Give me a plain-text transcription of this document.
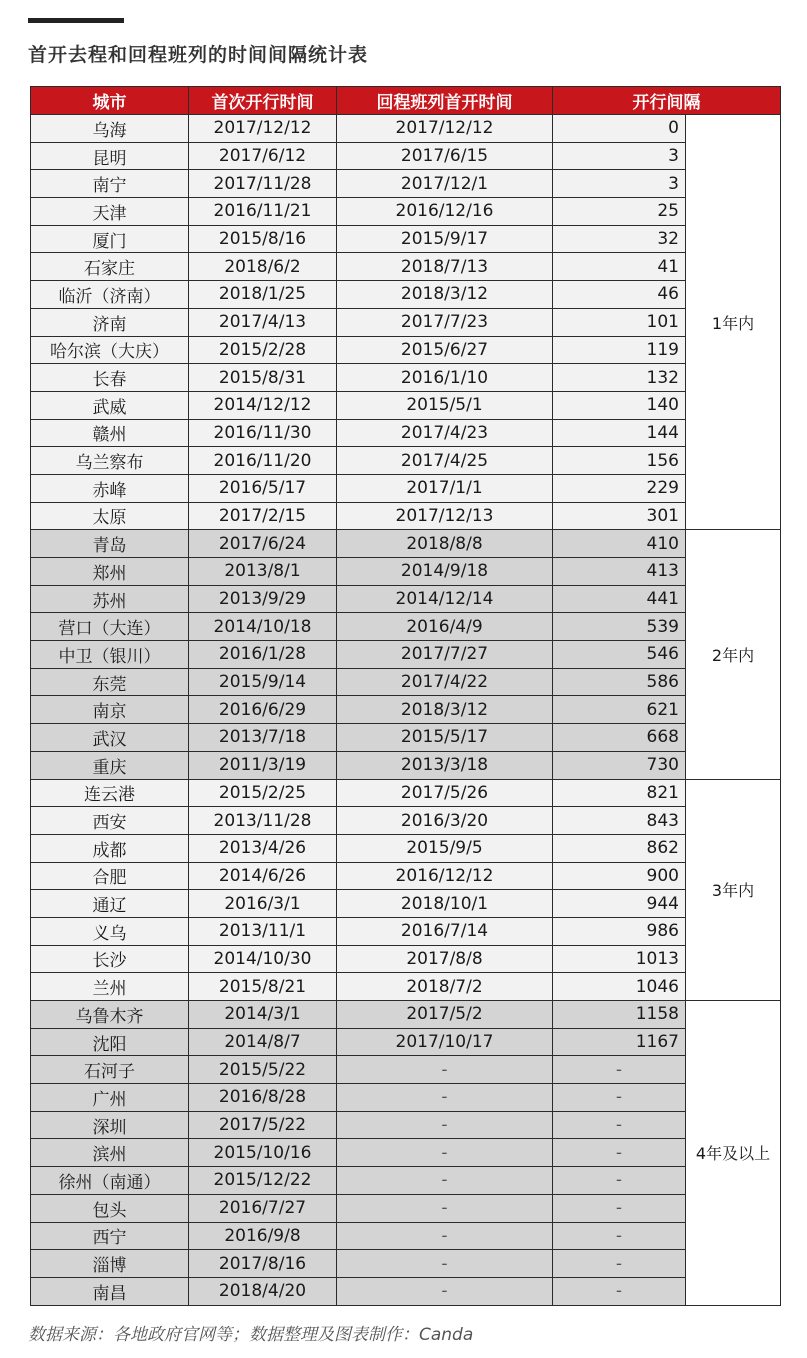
首开去程和回程班列的时间间隔统计表
城市	首次开行时间	回程班列首开时间	开行间隔	
乌海	2017/12/12	2017/12/12	0	1年内
昆明	2017/6/12	2017/6/15	3	
南宁	2017/11/28	2017/12/1	3	
天津	2016/11/21	2016/12/16	25	
厦门	2015/8/16	2015/9/17	32	
石家庄	2018/6/2	2018/7/13	41	
临沂（济南）	2018/1/25	2018/3/12	46	
济南	2017/4/13	2017/7/23	101	
哈尔滨（大庆）	2015/2/28	2015/6/27	119	
长春	2015/8/31	2016/1/10	132	
武威	2014/12/12	2015/5/1	140	
赣州	2016/11/30	2017/4/23	144	
乌兰察布	2016/11/20	2017/4/25	156	
赤峰	2016/5/17	2017/1/1	229	
太原	2017/2/15	2017/12/13	301	
青岛	2017/6/24	2018/8/8	410	2年内
郑州	2013/8/1	2014/9/18	413	
苏州	2013/9/29	2014/12/14	441	
营口（大连）	2014/10/18	2016/4/9	539	
中卫（银川）	2016/1/28	2017/7/27	546	
东莞	2015/9/14	2017/4/22	586	
南京	2016/6/29	2018/3/12	621	
武汉	2013/7/18	2015/5/17	668	
重庆	2011/3/19	2013/3/18	730	
连云港	2015/2/25	2017/5/26	821	3年内
西安	2013/11/28	2016/3/20	843	
成都	2013/4/26	2015/9/5	862	
合肥	2014/6/26	2016/12/12	900	
通辽	2016/3/1	2018/10/1	944	
义乌	2013/11/1	2016/7/14	986	
长沙	2014/10/30	2017/8/8	1013	
兰州	2015/8/21	2018/7/2	1046	
乌鲁木齐	2014/3/1	2017/5/2	1158	4年及以上
沈阳	2014/8/7	2017/10/17	1167	
石河子	2015/5/22	-	-	
广州	2016/8/28	-	-	
深圳	2017/5/22	-	-	
滨州	2015/10/16	-	-	
徐州（南通）	2015/12/22	-	-	
包头	2016/7/27	-	-	
西宁	2016/9/8	-	-	
淄博	2017/8/16	-	-	
南昌	2018/4/20	-	-	
数据来源：各地政府官网等；数据整理及图表制作：Canda
